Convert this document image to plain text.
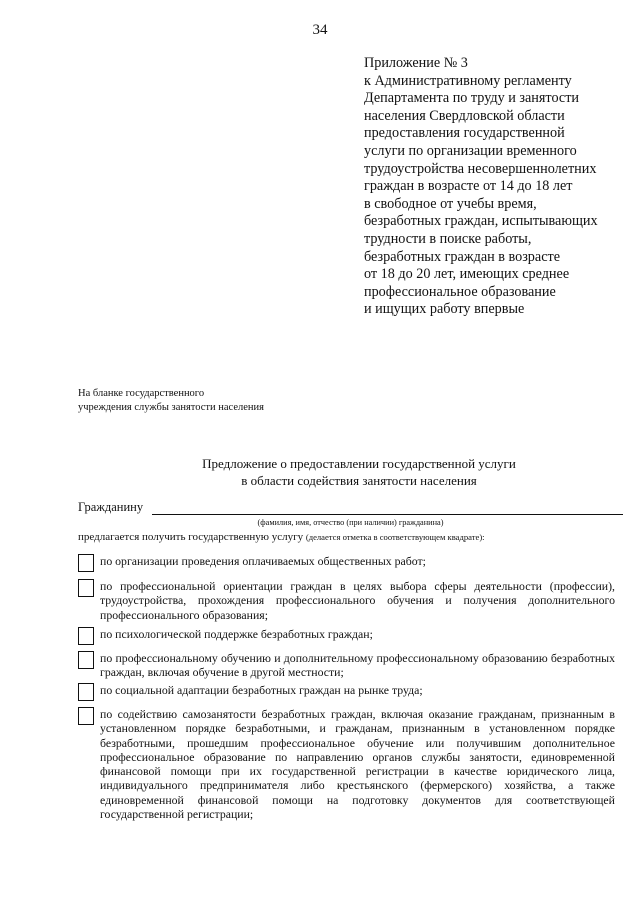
34
Приложение № 3
к Административному регламенту
Департамента по труду и занятости
населения Свердловской области
предоставления государственной
услуги по организации временного
трудоустройства несовершеннолетних
граждан в возрасте от 14 до 18 лет
в свободное от учебы время,
безработных граждан, испытывающих
трудности в поиске работы,
безработных граждан в возрасте
от 18 до 20 лет, имеющих среднее
профессиональное образование
и ищущих работу впервые
На бланке государственного
учреждения службы занятости населения
Предложение о предоставлении государственной услуги
в области содействия занятости населения
Гражданину
(фамилия, имя, отчество (при наличии) гражданина)
предлагается получить государственную услугу (делается отметка в соответствующем квадрате):
по организации проведения оплачиваемых общественных работ;
по профессиональной ориентации граждан в целях выбора сферы деятельности (профессии), трудоустройства, прохождения профессионального обучения и получения дополнительного профессионального образования;
по психологической поддержке безработных граждан;
по профессиональному обучению и дополнительному профессиональному образованию безработных граждан, включая обучение в другой местности;
по социальной адаптации безработных граждан на рынке труда;
по содействию самозанятости безработных граждан, включая оказание гражданам, признанным в установленном порядке безработными, и гражданам, признанным в установленном порядке безработными, прошедшим профессиональное обучение или получившим дополнительное профессиональное образование по направлению органов службы занятости, единовременной финансовой помощи при их государственной регистрации в качестве юридического лица, индивидуального предпринимателя либо крестьянского (фермерского) хозяйства, а также единовременной финансовой помощи на подготовку документов для соответствующей государственной регистрации;
